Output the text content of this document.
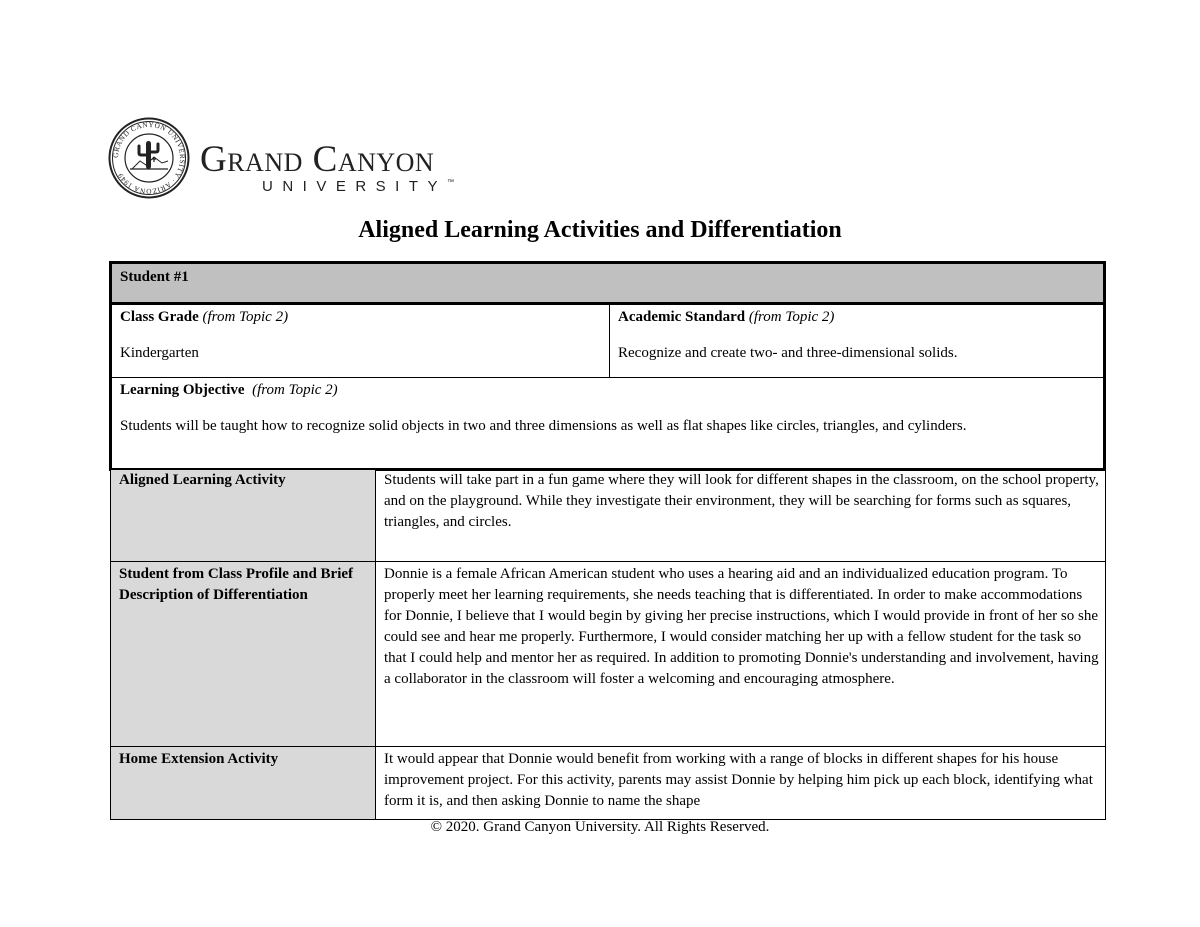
GRAND CANYON UNIVERSITY · ARIZONA 1949	Grand Canyon
UNIVERSITY™
Aligned Learning Activities and Differentiation
Student #1

Class Grade (from Topic 2)

Kindergarten

Academic Standard (from Topic 2)

Recognize and create two- and three-dimensional solids.

Learning Objective (from Topic 2)

Students will be taught how to recognize solid objects in two and three dimensions as well as flat shapes like circles, triangles, and cylinders.

Aligned Learning Activity	Students will take part in a fun game where they will look for different shapes in the classroom, on the school property, and on the playground. While they investigate their environment, they will be searching for forms such as squares, triangles, and circles.
Student from Class Profile and Brief Description of Differentiation	Donnie is a female African American student who uses a hearing aid and an individualized education program. To properly meet her learning requirements, she needs teaching that is differentiated. In order to make accommodations for Donnie, I believe that I would begin by giving her precise instructions, which I would provide in front of her so she could see and hear me properly. Furthermore, I would consider matching her up with a fellow student for the task so that I could help and mentor her as required. In addition to promoting Donnie's understanding and involvement, having a collaborator in the classroom will foster a welcoming and encouraging atmosphere.
Home Extension Activity	It would appear that Donnie would benefit from working with a range of blocks in different shapes for his house improvement project. For this activity, parents may assist Donnie by helping him pick up each block, identifying what form it is, and then asking Donnie to name the shape
© 2020. Grand Canyon University. All Rights Reserved.
